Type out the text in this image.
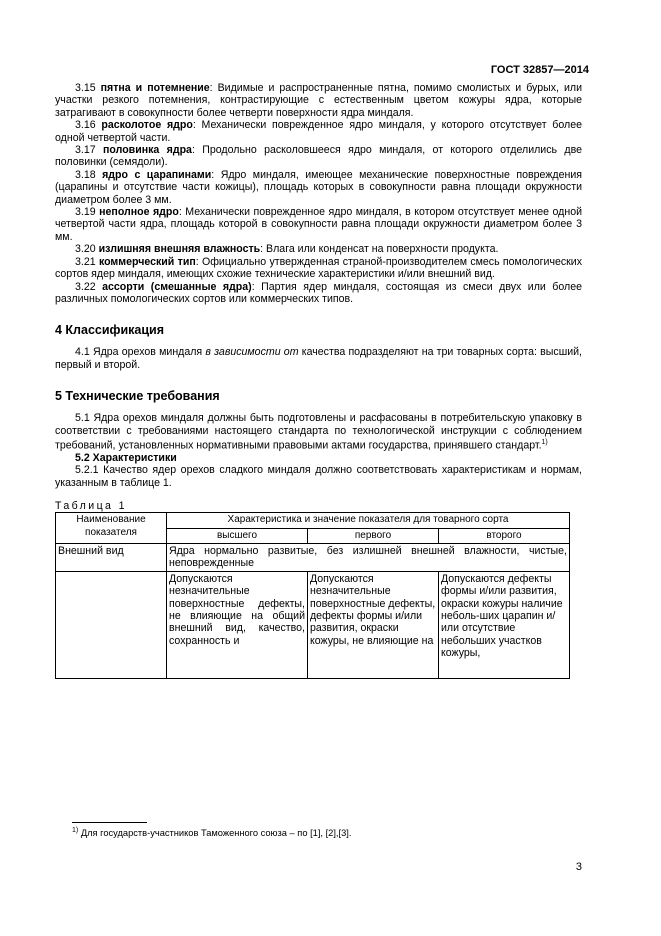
ГОСТ 32857—2014

3.15 пятна и потемнение: Видимые и распространенные пятна, помимо смолистых и бурых, или участки резкого потемнения, контрастирующие с естественным цветом кожуры ядра, которые затрагивают в совокупности более четверти поверхности ядра миндаля.

3.16 расколотое ядро: Механически поврежденное ядро миндаля, у которого отсутствует более одной четвертой части.

3.17 половинка ядра: Продольно расколовшееся ядро миндаля, от которого отделились две половинки (семядоли).

3.18 ядро с царапинами: Ядро миндаля, имеющее механические поверхностные повреждения (царапины и отсутствие части кожицы), площадь которых в совокупности равна площади окружности диаметром более 3 мм.

3.19 неполное ядро: Механически поврежденное ядро миндаля, в котором отсутствует менее одной четвертой части ядра, площадь которой в совокупности равна площади окружности диаметром более 3 мм.

3.20 излишняя внешняя влажность: Влага или конденсат на поверхности продукта.

3.21 коммерческий тип: Официально утвержденная страной-производителем смесь помологических сортов ядер миндаля, имеющих схожие технические характеристики и/или внешний вид.

3.22 ассорти (смешанные ядра): Партия ядер миндаля, состоящая из смеси двух или более различных помологических сортов или коммерческих типов.

4 Классификация

4.1 Ядра орехов миндаля в зависимости от качества подразделяют на три товарных сорта: высший, первый и второй.

5 Технические требования

5.1 Ядра орехов миндаля должны быть подготовлены и расфасованы в потребительскую упаковку в соответствии с требованиями настоящего стандарта по технологической инструкции с соблюдением требований, установленных нормативными правовыми актами государства, принявшего стандарт.$^{1)}$

5.2 Характеристики

5.2.1 Качество ядер орехов сладкого миндаля должно соответствовать характеристикам и нормам, указанным в таблице 1.

Таблица 1
Наименование показателя	Характеристика и значение показателя для товарного сорта		
	высшего	первого	второго
Внешний вид	Ядра нормально развитые, без излишней внешней влажности, чистые, неповрежденные		
	Допускаются незначительные поверхностные дефекты, не влияющие на общий внешний вид, качество, сохранность и	Допускаются незначительные поверхностные дефекты, дефекты формы и/или развития, окраски кожуры, не влияющие на	Допускаются дефекты формы и/или развития, окраски кожуры наличие неболь-ших царапин и/или отсутствие небольших участков кожуры,
$^{1)}$ Для государств-участников Таможенного союза – по [1], [2],[3].
3
